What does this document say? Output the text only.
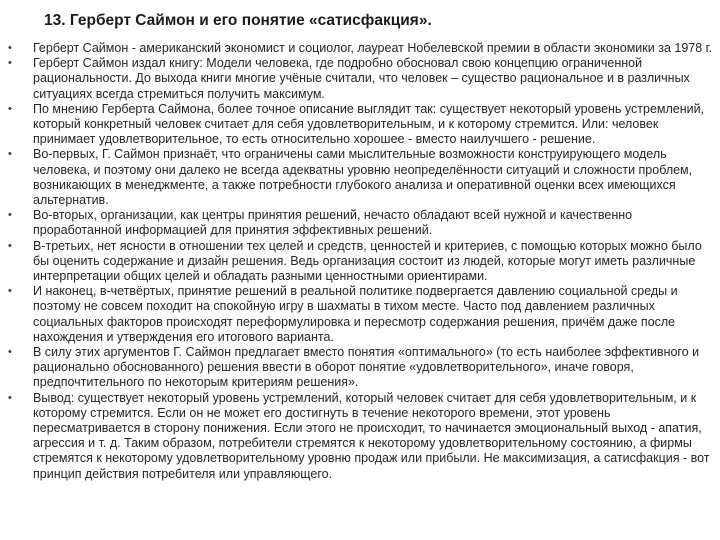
13. Герберт Саймон и его понятие «сатисфакция».
• Герберт Саймон - американский экономист и социолог, лауреат Нобелевской премии в области экономики за 1978 г.
• Герберт Саймон издал книгу: Модели человека, где подробно обосновал свою концепцию ограниченной рациональности. До выхода книги многие учёные считали, что человек – существо рациональное и в различных ситуациях всегда стремиться получить максимум.
• По мнению Герберта Саймона, более точное описание выглядит так: существует некоторый уровень устремлений, который конкретный человек считает для себя удовлетворительным, и к которому стремится. Или: человек принимает удовлетворительное, то есть относительно хорошее - вместо наилучшего - решение.
• Во-первых, Г. Саймон признаёт, что ограничены сами мыслительные возможности конструирующего модель человека, и поэтому они далеко не всегда адекватны уровню неопределённости ситуаций и сложности проблем, возникающих в менеджменте, а также потребности глубокого анализа и оперативной оценки всех имеющихся альтернатив.
• Во-вторых, организации, как центры принятия решений, нечасто обладают всей нужной и качественно проработанной информацией для принятия эффективных решений.
• В-третьих, нет ясности в отношении тех целей и средств, ценностей и критериев, с помощью которых можно было бы оценить содержание и дизайн решения. Ведь организация состоит из людей, которые могут иметь различные интерпретации общих целей и обладать разными ценностными ориентирами.
• И наконец, в-четвёртых, принятие решений в реальной политике подвергается давлению социальной среды и поэтому не совсем походит на спокойную игру в шахматы в тихом месте. Часто под давлением различных социальных факторов происходят переформулировка и пересмотр содержания решения, причём даже после нахождения и утверждения его итогового варианта.
• В силу этих аргументов Г. Саймон предлагает вместо понятия «оптимального» (то есть наиболее эффективного и рационально обоснованного) решения ввести в оборот понятие «удовлетворительного», иначе говоря, предпочтительного по некоторым критериям решения».
• Вывод: существует некоторый уровень устремлений, который человек считает для себя удовлетворительным, и к которому стремится. Если он не может его достигнуть в течение некоторого времени, этот уровень пересматривается в сторону понижения. Если этого не происходит, то начинается эмоциональный выход - апатия, агрессия и т. д. Таким образом, потребители стремятся к некоторому удовлетворительному состоянию, а фирмы стремятся к некоторому удовлетворительному уровню продаж или прибыли. Не максимизация, а сатисфакция - вот принцип действия потребителя или управляющего.
